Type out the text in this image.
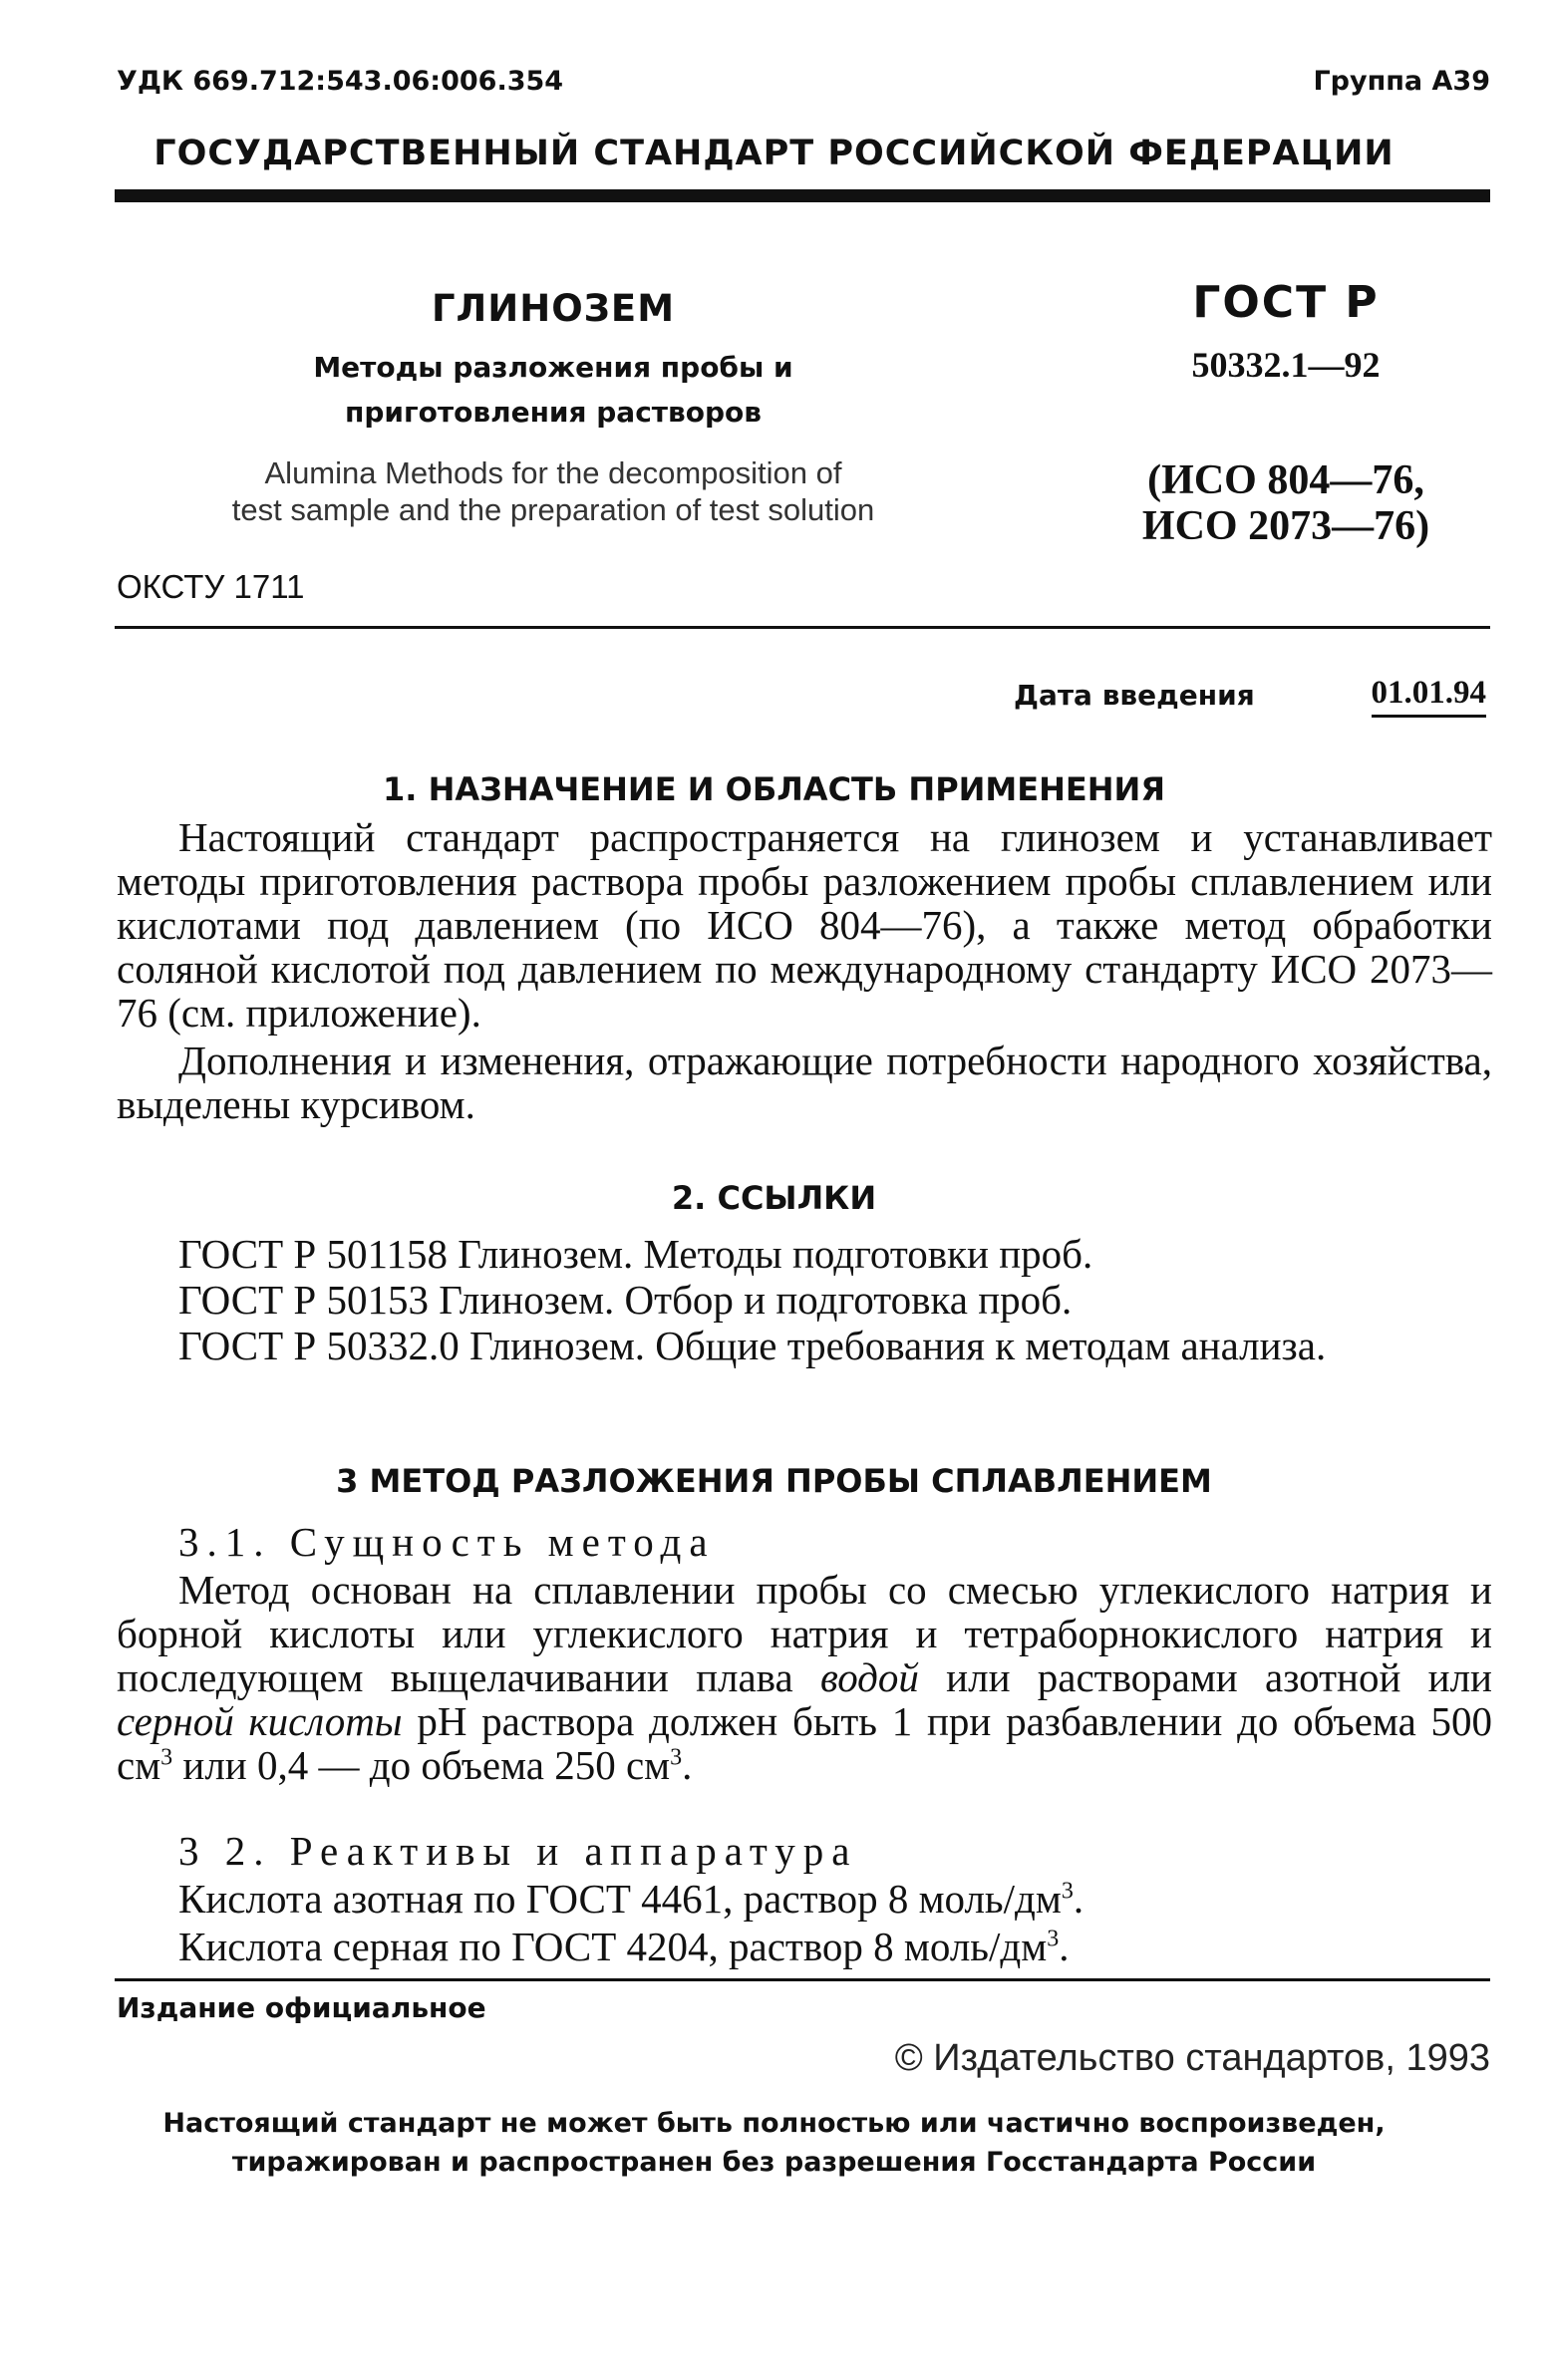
УДК 669.712:543.06:006.354	Группа А39
ГОСУДАРСТВЕННЫЙ СТАНДАРТ РОССИЙСКОЙ ФЕДЕРАЦИИ
ГЛИНОЗЕМ
Методы разложения пробы и
приготовления растворов
Alumina Methods for the decomposition of
test sample and the preparation of test solution
ОКСТУ 1711
ГОСТ Р
50332.1—92
(ИСО 804—76,
ИСО 2073—76)
Дата введения	01.01.94
1. НАЗНАЧЕНИЕ И ОБЛАСТЬ ПРИМЕНЕНИЯ
Настоящий стандарт распространяется на глинозем и устанавливает методы приготовления раствора пробы разложением пробы сплавлением или кислотами под давлением (по ИСО 804—76), а также метод обработки соляной кислотой под давлением по международному стандарту ИСО 2073—76 (см. приложение).
Дополнения и изменения, отражающие потребности народного хозяйства, выделены курсивом.
2. ССЫЛКИ
ГОСТ Р 501158 Глинозем. Методы подготовки проб.
ГОСТ Р 50153 Глинозем. Отбор и подготовка проб.
ГОСТ Р 50332.0 Глинозем. Общие требования к методам анализа.
3 МЕТОД РАЗЛОЖЕНИЯ ПРОБЫ СПЛАВЛЕНИЕМ
3.1. Сущность метода
Метод основан на сплавлении пробы со смесью углекислого натрия и борной кислоты или углекислого натрия и тетраборнокислого натрия и последующем выщелачивании плава водой или растворами азотной или серной кислоты pH раствора должен быть 1 при разбавлении до объема 500 $см^3$ или 0,4 — до объема 250 $см^3$.
3 2. Реактивы и аппаратура
Кислота азотная по ГОСТ 4461, раствор 8 моль/$дм^3$.
Кислота серная по ГОСТ 4204, раствор 8 моль/$дм^3$.
Издание официальное
© Издательство стандартов, 1993
Настоящий стандарт не может быть полностью или частично воспроизведен,
тиражирован и распространен без разрешения Госстандарта России
